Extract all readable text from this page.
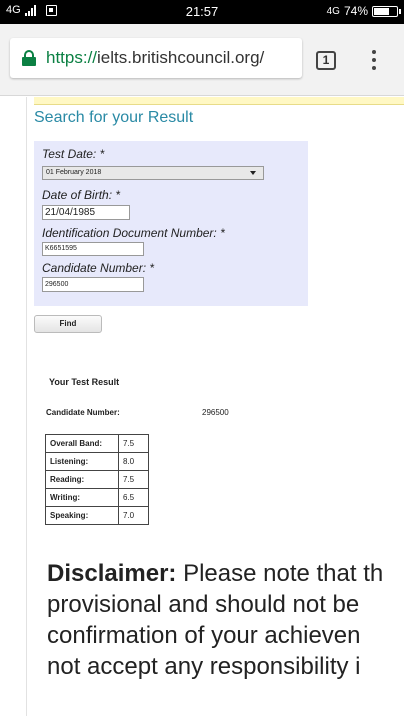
4G	21:57	4G 74%
https://ielts.britishcouncil.org/	1
Search for your Result
Test Date: *
01 February 2018
Date of Birth: *
21/04/1985
Identification Document Number: *
K6651595
Candidate Number: *
296500
Find
Your Test Result
Candidate Number:	296500
Overall Band:	7.5
Listening:	8.0
Reading:	7.5
Writing:	6.5
Speaking:	7.0
Disclaimer: Please note that th
provisional and should not be
confirmation of your achieven
not accept any responsibility i
